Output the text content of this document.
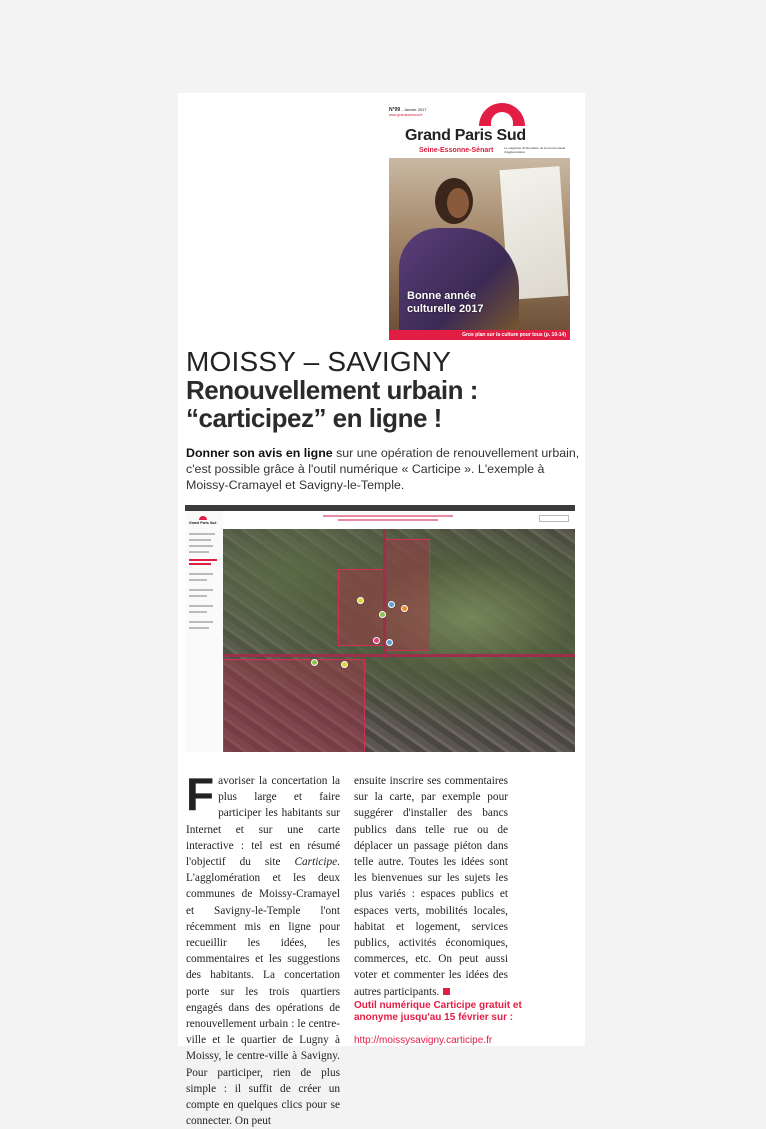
N°09 - Janvier 2017
www.grandparissud.fr
Grand Paris Sud
Seine-Essonne-Sénart	Le magazine d'information de la Communauté d'agglomération
Bonne année
culturelle 2017
Gros plan sur la culture pour tous (p. 10-14)
MOISSY – SAVIGNY
Renouvellement urbain :
“carticipez” en ligne !
Donner son avis en ligne sur une opération de renouvellement urbain, c'est possible grâce à l'outil numérique « Carticipe ». L'exemple à Moissy-Cramayel et Savigny-le-Temple.
Grand Paris Sud
Favoriser la concertation la plus large et faire participer les habitants sur Internet et sur une carte interactive : tel est en résumé l'objectif du site Carticipe. L'agglomération et les deux communes de Moissy-Cramayel et Savigny-le-Temple l'ont récemment mis en ligne pour recueillir les idées, les commentaires et les suggestions des habitants. La concertation porte sur les trois quartiers engagés dans des opérations de renouvellement urbain : le centre-ville et le quartier de Lugny à Moissy, le centre-ville à Savigny. Pour participer, rien de plus simple : il suffit de créer un compte en quelques clics pour se connecter. On peut
ensuite inscrire ses commentaires sur la carte, par exemple pour suggérer d'installer des bancs publics dans telle rue ou de déplacer un passage piéton dans telle autre. Toutes les idées sont les bienvenues sur les sujets les plus variés : espaces publics et espaces verts, mobilités locales, habitat et logement, services publics, activités économiques, commerces, etc. On peut aussi voter et commenter les idées des autres participants.
Outil numérique Carticipe gratuit et anonyme jusqu'au 15 février sur :
http://moissysavigny.carticipe.fr
